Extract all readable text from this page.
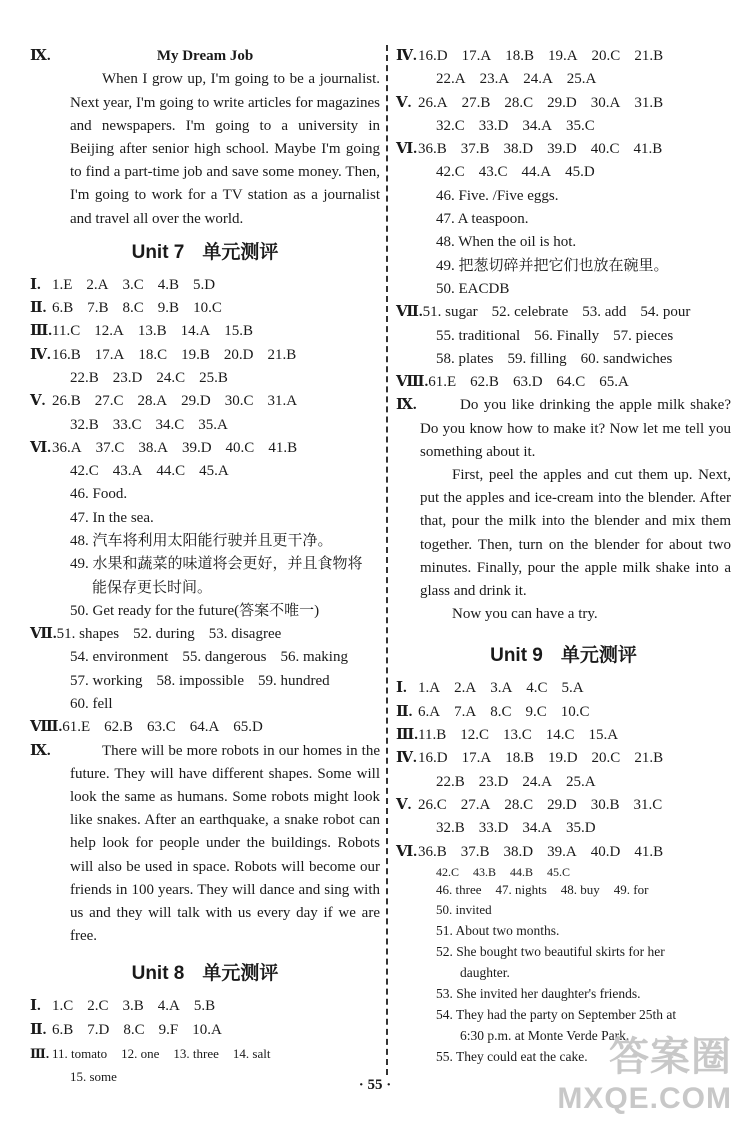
Ⅸ.	My Dream Job
When I grow up, I'm going to be a journalist. Next year, I'm going to write articles for magazines and newspapers. I'm going to a university in Beijing after senior high school. Maybe I'm going to find a part-time job and save some money. Then, I'm going to work for a TV station as a journalist and travel all over the world.
Unit 7 单元测评
Ⅰ. 1.E 2.A 3.C 4.B 5.D
Ⅱ. 6.B 7.B 8.C 9.B 10.C
Ⅲ.11.C 12.A 13.B 14.A 15.B
Ⅳ.16.B 17.A 18.C 19.B 20.D 21.B
22.B 23.D 24.C 25.B
Ⅴ. 26.B 27.C 28.A 29.D 30.C 31.A
32.B 33.C 34.C 35.A
Ⅵ.36.A 37.C 38.A 39.D 40.C 41.B
42.C 43.A 44.C 45.A
46. Food.
47. In the sea.
48. 汽车将利用太阳能行驶并且更干净。
49. 水果和蔬菜的味道将会更好，并且食物将
能保存更长时间。
50. Get ready for the future(答案不唯一)
Ⅶ.51. shapes 52. during 53. disagree
54. environment 55. dangerous 56. making
57. working 58. impossible 59. hundred
60. fell
Ⅷ.61.E 62.B 63.C 64.A 65.D
Ⅸ.	There will be more robots in our homes in the future. They will have different shapes. Some will look the same as humans. Some robots might look like snakes. After an earthquake, a snake robot can help look for people under the buildings. Robots will also be used in space. Robots will become our friends in 100 years. They will dance and sing with us and they will talk with us every day if we are free.
Unit 8 单元测评
Ⅰ. 1.C 2.C 3.B 4.A 5.B
Ⅱ. 6.B 7.D 8.C 9.F 10.A
Ⅲ. 11. tomato 12. one 13. three 14. salt
15. some
Ⅳ.16.D 17.A 18.B 19.A 20.C 21.B
22.A 23.A 24.A 25.A
Ⅴ. 26.A 27.B 28.C 29.D 30.A 31.B
32.C 33.D 34.A 35.C
Ⅵ.36.B 37.B 38.D 39.D 40.C 41.B
42.C 43.C 44.A 45.D
46. Five. /Five eggs.
47. A teaspoon.
48. When the oil is hot.
49. 把葱切碎并把它们也放在碗里。
50. EACDB
Ⅶ.51. sugar 52. celebrate 53. add 54. pour
55. traditional 56. Finally 57. pieces
58. plates 59. filling 60. sandwiches
Ⅷ.61.E 62.B 63.D 64.C 65.A
Ⅸ.	Do you like drinking the apple milk shake? Do you know how to make it? Now let me tell you something about it.
First, peel the apples and cut them up. Next, put the apples and ice-cream into the blender. After that, pour the milk into the blender and mix them together. Then, turn on the blender for about two minutes. Finally, pour the apple milk shake into a glass and drink it.
Now you can have a try.
Unit 9 单元测评
Ⅰ. 1.A 2.A 3.A 4.C 5.A
Ⅱ. 6.A 7.A 8.C 9.C 10.C
Ⅲ.11.B 12.C 13.C 14.C 15.A
Ⅳ.16.D 17.A 18.B 19.D 20.C 21.B
22.B 23.D 24.A 25.A
Ⅴ. 26.C 27.A 28.C 29.D 30.B 31.C
32.B 33.D 34.A 35.D
Ⅵ.36.B 37.B 38.D 39.A 40.D 41.B
42.C 43.B 44.B 45.C
46. three 47. nights 48. buy 49. for
50. invited
51. About two months.
52. She bought two beautiful skirts for her
daughter.
53. She invited her daughter's friends.
54. They had the party on September 25th at
6:30 p.m. at Monte Verde Park.
55. They could eat the cake.
· 55 ·
答案圈
MXQE.COM
